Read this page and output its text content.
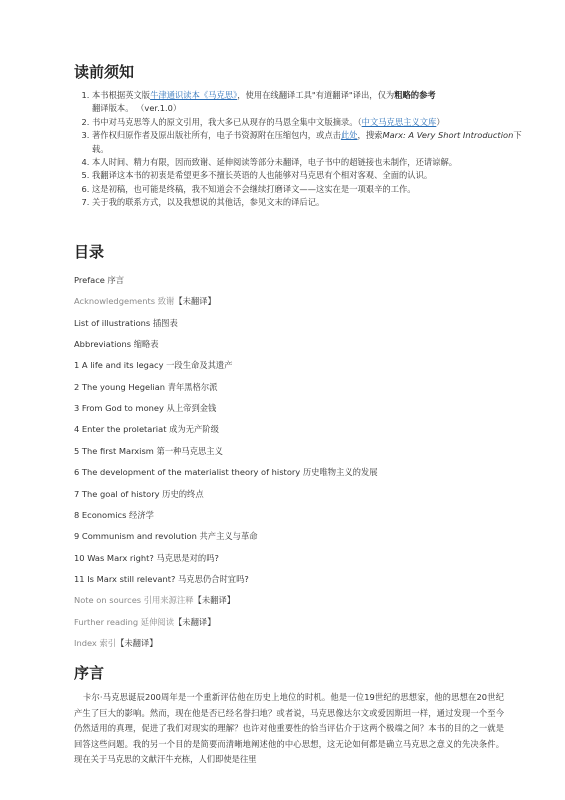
读前须知
1. 本书根据英文版牛津通识读本《马克思》，使用在线翻译工具"有道翻译"译出，仅为粗略的参考翻译版本。 （ver.1.0）
2. 书中对马克思等人的原文引用，我大多已从现存的马恩全集中文版摘录。（中文马克思主义文库）
3. 著作权归原作者及原出版社所有，电子书资源附在压缩包内，或点击此处，搜索Marx: A Very Short Introduction下载。
4. 本人时间、精力有限，因而致谢、延伸阅读等部分未翻译，电子书中的超链接也未制作，还请谅解。
5. 我翻译这本书的初衷是希望更多不擅长英语的人也能够对马克思有个相对客观、全面的认识。
6. 这是初稿，也可能是终稿，我不知道会不会继续打磨译文——这实在是一项艰辛的工作。
7. 关于我的联系方式，以及我想说的其他话，参见文末的译后记。
目录
Preface 序言
Acknowledgements 致谢【未翻译】
List of illustrations 插图表
Abbreviations 缩略表
1 A life and its legacy 一段生命及其遗产
2 The young Hegelian 青年黑格尔派
3 From God to money 从上帝到金钱
4 Enter the proletariat 成为无产阶级
5 The first Marxism 第一种马克思主义
6 The development of the materialist theory of history 历史唯物主义的发展
7 The goal of history 历史的终点
8 Economics 经济学
9 Communism and revolution 共产主义与革命
10 Was Marx right? 马克思是对的吗?
11 Is Marx still relevant? 马克思仍合时宜吗?
Note on sources 引用来源注释【未翻译】
Further reading 延伸阅读【未翻译】
Index 索引【未翻译】
序言

卡尔·马克思诞辰200周年是一个重新评估他在历史上地位的时机。他是一位19世纪的思想家，他的思想在20世纪产生了巨大的影响。然而，现在他是否已经名誉扫地？或者说，马克思像达尔文或爱因斯坦一样，通过发现一个至今仍然适用的真理，促进了我们对现实的理解？也许对他重要性的恰当评估介于这两个极端之间？本书的目的之一就是回答这些问题。我的另一个目的是简要而清晰地阐述他的中心思想，这无论如何都是确立马克思之意义的先决条件。现在关于马克思的文献汗牛充栋，人们即使是往里
